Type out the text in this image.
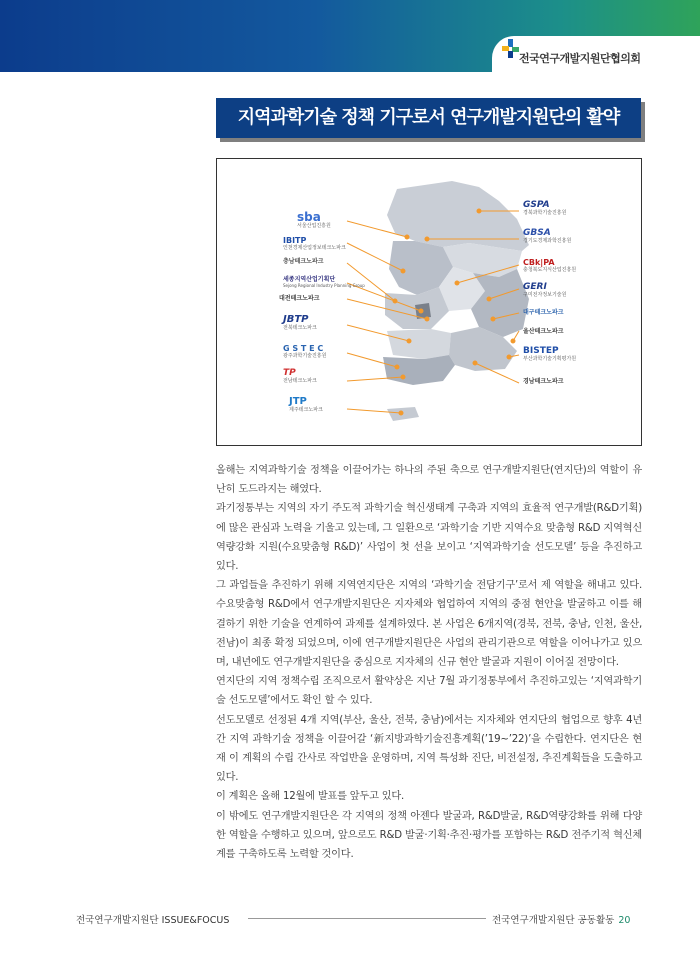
전국연구개발지원단협의회
지역과학기술 정책 기구로서 연구개발지원단의 활약
sba
서울산업진흥원
IBITP
인천경제산업정보테크노파크
충남테크노파크
세종지역산업기획단
Sejong Regional Industry Planning Group
대전테크노파크
JBTP
전북테크노파크
G S T E C
광주과학기술진흥원
TP
전남테크노파크
JTP
제주테크노파크
GSPA
경북과학기술진흥원
GBSA
경기도경제과학진흥원
CBk|PA
충청북도지식산업진흥원
GERI
구미전자정보기술원
대구테크노파크
울산테크노파크
BISTEP
부산과학기술기획평가원
경남테크노파크

올해는 지역과학기술 정책을 이끌어가는 하나의 주된 축으로 연구개발지원단(연지단)의 역할이 유난히 도드라지는 해였다.

과기정통부는 지역의 자기 주도적 과학기술 혁신생태계 구축과 지역의 효율적 연구개발(R&D기획)에 많은 관심과 노력을 기울고 있는데, 그 일환으로 ‘과학기술 기반 지역수요 맞춤형 R&D 지역혁신 역량강화 지원(수요맞춤형 R&D)’ 사업이 첫 선을 보이고 ‘지역과학기술 선도모델’ 등을 추진하고 있다.

그 과업들을 추진하기 위해 지역연지단은 지역의 ‘과학기술 전담기구’로서 제 역할을 해내고 있다. 수요맞춤형 R&D에서 연구개발지원단은 지자체와 협업하여 지역의 중점 현안을 발굴하고 이를 해결하기 위한 기술을 연계하여 과제를 설계하였다. 본 사업은 6개지역(경북, 전북, 충남, 인천, 울산, 전남)이 최종 확정 되었으며, 이에 연구개발지원단은 사업의 관리기관으로 역할을 이어나가고 있으며, 내년에도 연구개발지원단을 중심으로 지자체의 신규 현안 발굴과 지원이 이어질 전망이다.

연지단의 지역 정책수립 조직으로서 활약상은 지난 7월 과기정통부에서 추진하고있는 ‘지역과학기술 선도모델’에서도 확인 할 수 있다.

선도모델로 선정된 4개 지역(부산, 울산, 전북, 충남)에서는 지자체와 연지단의 협업으로 향후 4년 간 지역 과학기술 정책을 이끌어갈 ‘新지방과학기술진흥계획(’19~’22)’을 수립한다. 연지단은 현재 이 계획의 수립 간사로 작업반을 운영하며, 지역 특성화 진단, 비전설정, 추진계획들을 도출하고 있다.

이 계획은 올해 12월에 발표를 앞두고 있다.

이 밖에도 연구개발지원단은 각 지역의 정책 아젠다 발굴과, R&D발굴, R&D역량강화를 위해 다양한 역할을 수행하고 있으며, 앞으로도 R&D 발굴·기획·추진·평가를 포함하는 R&D 전주기적 혁신체계를 구축하도록 노력할 것이다.

전국연구개발지원단 ISSUE&FOCUS	전국연구개발지원단 공동활동 20
